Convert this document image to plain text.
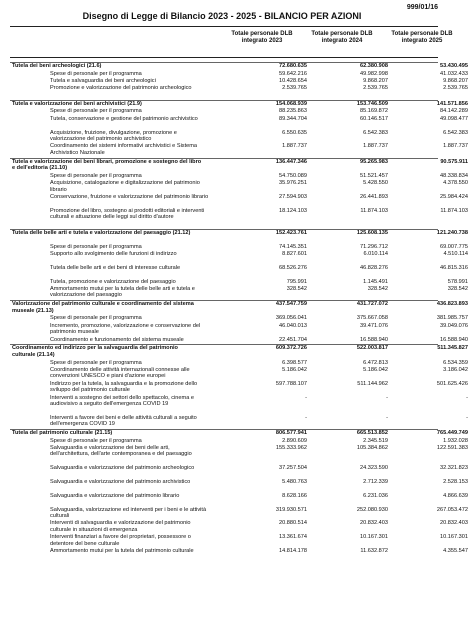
999/01/16
Disegno di Legge di Bilancio 2023 - 2025 - BILANCIO PER AZIONI
Totale personale DLB integrato 2023
Totale personale DLB integrato 2024
Totale personale DLB integrato 2025
Tutela dei beni archeologici (21.6)	72.680.635	62.380.908	53.430.495
Spese di personale per il programma	59.642.216	49.982.998	41.032.433
Tutela e salvaguardia dei beni archeologici	10.428.654	9.868.207	9.868.207
Promozione e valorizzazione del patrimonio archeologico	2.539.765	2.539.765	2.539.765
Tutela e valorizzazione dei beni archivistici (21.9)	154.068.939	153.746.509	141.571.856
Spese di personale per il programma	88.235.863	85.169.872	84.142.289
Tutela, conservazione e gestione del patrimonio archivistico	89.344.704	60.146.517	49.098.477
Acquisizione, fruizione, divulgazione, promozione e valorizzazione del patrimonio archivistico
6.550.635	6.542.383	6.542.383
Coordinamento dei sistemi informativi archivistici e Sistema Archivistico Nazionale
1.887.737	1.887.737	1.887.737
Tutela e valorizzazione dei beni librari, promozione e sostegno del libro e dell'editoria (21.10)
136.447.346	95.265.983	90.575.911
Spese di personale per il programma	54.750.089	51.521.457	48.338.834
Acquisizione, catalogazione e digitalizzazione del patrimonio librario
35.976.251	5.428.550	4.378.550
Conservazione, fruizione e valorizzazione del patrimonio librario	27.594.903	26.441.893	25.984.424
Promozione del libro, sostegno ai prodotti editoriali e interventi culturali e attuazione delle leggi sul diritto d'autore
18.124.103	11.874.103	11.874.103
Tutela delle belle arti e tutela e valorizzazione del paesaggio (21.12)	152.423.761	125.608.135	121.240.738
Spese di personale per il programma	74.145.351	71.296.712	69.007.775
Supporto allo svolgimento delle funzioni di indirizzo	8.827.601	6.010.114	4.510.114
Tutela delle belle arti e dei beni di interesse culturale	68.526.276	46.828.276	46.815.316
Tutela, promozione e valorizzazione del paesaggio	795.991	1.145.491	578.991
Ammortamento mutui per la tutela delle belle arti e tutela e valorizzazione del paesaggio
328.542	328.542	328.542
Valorizzazione del patrimonio culturale e coordinamento del sistema museale (21.13)
437.547.759	431.727.072	436.823.893
Spese di personale per il programma	369.056.041	375.667.058	381.985.757
Incremento, promozione, valorizzazione e conservazione del patrimonio museale
46.040.013	39.471.076	39.049.076
Coordinamento e funzionamento del sistema museale	22.451.704	16.588.940	16.588.940
Coordinamento ed indirizzo per la salvaguardia del patrimonio culturale (21.14)
609.372.726	522.003.817	511.345.827
Spese di personale per il programma	6.398.577	6.472.813	6.534.359
Coordinamento delle attività internazionali connesse alle convenzioni UNESCO e piani d'azione europei
5.186.042	5.186.042	3.186.042
Indirizzo per la tutela, la salvaguardia e la promozione dello sviluppo del patrimonio culturale
597.788.107	511.144.962	501.625.426
Interventi a sostegno dei settori dello spettacolo, cinema e audiovisivo a seguito dell'emergenza COVID 19
-	-	-
Interventi a favore dei beni e delle attività culturali a seguito dell'emergenza COVID 19
-	-	-
Tutela del patrimonio culturale (21.15)	806.577.941	665.513.852	765.449.749
Spese di personale per il programma	2.890.609	2.345.519	1.932.028
Salvaguardia e valorizzazione dei beni delle arti, dell'architettura, dell'arte contemporanea e del paesaggio
155.333.962	105.384.862	122.591.383
Salvaguardia e valorizzazione del patrimonio archeologico	37.257.504	24.323.590	32.321.823
Salvaguardia e valorizzazione del patrimonio archivistico	5.480.763	2.712.339	2.528.153
Salvaguardia e valorizzazione del patrimonio librario	8.628.166	6.231.036	4.866.639
Salvaguardia, valorizzazione ed interventi per i beni e le attività culturali
319.930.571	252.080.930	267.053.472
Interventi di salvaguardia e valorizzazione del patrimonio culturale in situazioni di emergenza
20.880.514	20.832.403	20.832.403
Interventi finanziari a favore dei proprietari, possessore o detentore del bene culturale
13.361.674	10.167.301	10.167.301
Ammortamento mutui per la tutela del patrimonio culturale	14.814.178	11.632.872	4.355.547
